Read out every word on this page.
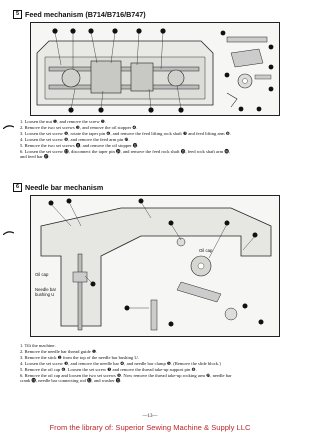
5 Feed mechanism (B714/B716/B747)
1. Loosen the nut ❶, and remove the screw ❷.
2. Remove the two set screws ❸, and remove the oil stopper ❹.
3. Loosen the set screw ❺, rotate the taper pin ❻, and remove the feed lifting rock shaft ❼ and feed lifting arm ❽.
4. Loosen the set screw ❾, and remove the feed arm pin ❿.
5. Remove the two set screws ⓫, and remove the oil stopper ⓬.
6. Loosen the set screw ⓭, disconnect the taper pin ⓮, and remove the feed rock shaft ⓯, feed rock shaft arm ⓰,
and feed bar ⓱.
6 Needle bar mechanism
Oil cap
Needle bar bushing U
Oil cap
1. Tilt the machine.
2. Remove the needle bar thread guide ❶.
3. Remove the stick ❷ from the top of the needle bar bushing U.
4. Loosen the set screw ❸, and remove the needle bar ❹, and needle bar clamp ❺. (Remove the slide block.)
5. Remove the oil cap ❻. Loosen the set screw ❼ and remove the thread take-up support pin ❽.
6. Remove the oil cap and loosen the two set screws ❾. Now remove the thread take-up rocking arm ❿, needle bar
crank ⓫, needle bar connecting rod ⓬, and washer ⓭.
—13—
From the library of: Superior Sewing Machine & Supply LLC
